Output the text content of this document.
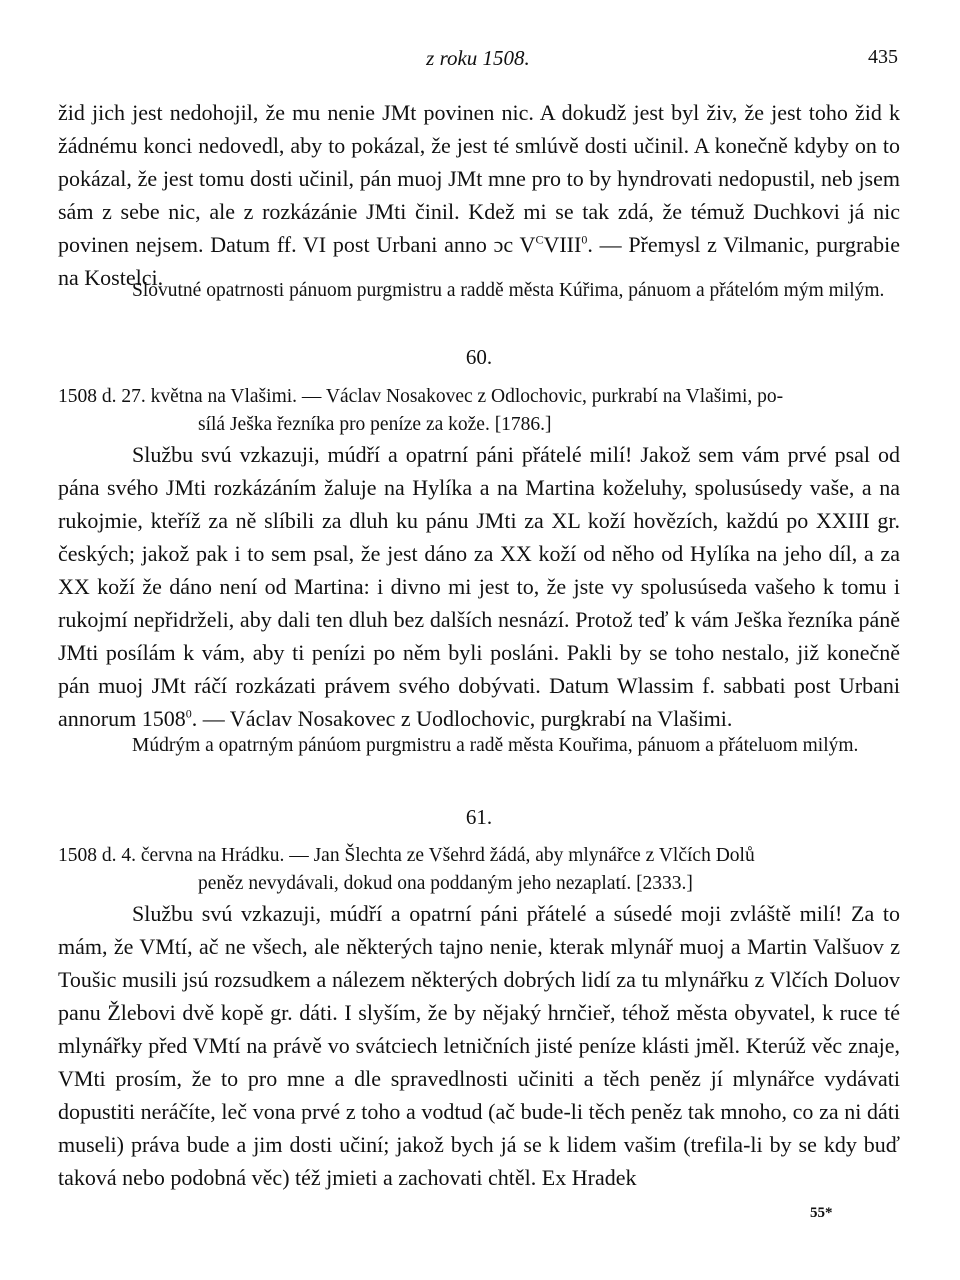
z roku 1508.	435
žid jich jest nedohojil, že mu nenie JMt povinen nic. A dokudž jest byl živ, že jest toho žid k žádnému konci nedovedl, aby to pokázal, že jest té smlúvě dosti učinil. A konečně kdyby on to pokázal, že jest tomu dosti učinil, pán muoj JMt mne pro to by hyndrovati nedopustil, neb jsem sám z sebe nic, ale z rozkázánie JMti činil. Kdež mi se tak zdá, že témuž Duchkovi já nic povinen nejsem. Datum ff. VI post Urbani anno ɔc $V^CVIII^0$. — Přemysl z Vilmanic, purgrabie na Kostelci.
Slovutné opatrnosti pánuom purgmistru a raddě města Kúřima, pánuom a přátelóm mým milým.
60.
1508 d. 27. května na Vlašimi. — Václav Nosakovec z Odlochovic, purkrabí na Vlašimi, po-
sílá Ješka řezníka pro peníze za kože. [1786.]
Službu svú vzkazuji, múdří a opatrní páni přátelé milí! Jakož sem vám prvé psal od pána svého JMti rozkázáním žaluje na Hylíka a na Martina koželuhy, spolusúsedy vaše, a na rukojmie, kteříž za ně slíbili za dluh ku pánu JMti za XL koží hovězích, každú po XXIII gr. českých; jakož pak i to sem psal, že jest dáno za XX koží od něho od Hylíka na jeho díl, a za XX koží že dáno není od Martina: i divno mi jest to, že jste vy spolusúseda vašeho k tomu i rukojmí nepřidrželi, aby dali ten dluh bez dalších nesnází. Protož teď k vám Ješka řezníka páně JMti posílám k vám, aby ti penízi po něm byli posláni. Pakli by se toho nestalo, již konečně pán muoj JMt ráčí rozkázati právem svého dobývati. Datum Wlassim f. sabbati post Urbani annorum 1508$^0$. — Václav Nosakovec z Uodlochovic, purgkrabí na Vlašimi.
Múdrým a opatrným pánúom purgmistru a radě města Kouřima, pánuom a přáteluom milým.
61.
1508 d. 4. června na Hrádku. — Jan Šlechta ze Všehrd žádá, aby mlynářce z Vlčích Dolů
peněz nevydávali, dokud ona poddaným jeho nezaplatí. [2333.]
Službu svú vzkazuji, múdří a opatrní páni přátelé a súsedé moji zvláště milí! Za to mám, že VMtí, ač ne všech, ale některých tajno nenie, kterak mlynář muoj a Martin Valšuov z Toušic musili jsú rozsudkem a nálezem některých dobrých lidí za tu mlynářku z Vlčích Doluov panu Žlebovi dvě kopě gr. dáti. I slyším, že by nějaký hrnčieř, téhož města obyvatel, k ruce té mlynářky před VMtí na právě vo svátciech letničních jisté peníze klásti jměl. Kterúž věc znaje, VMti prosím, že to pro mne a dle spravedlnosti učiniti a těch peněz jí mlynářce vydávati dopustiti neráčíte, leč vona prvé z toho a vodtud (ač bude-li těch peněz tak mnoho, co za ni dáti museli) práva bude a jim dosti učiní; jakož bych já se k lidem vašim (trefila-li by se kdy buď taková nebo podobná věc) též jmieti a zachovati chtěl. Ex Hradek
55*
